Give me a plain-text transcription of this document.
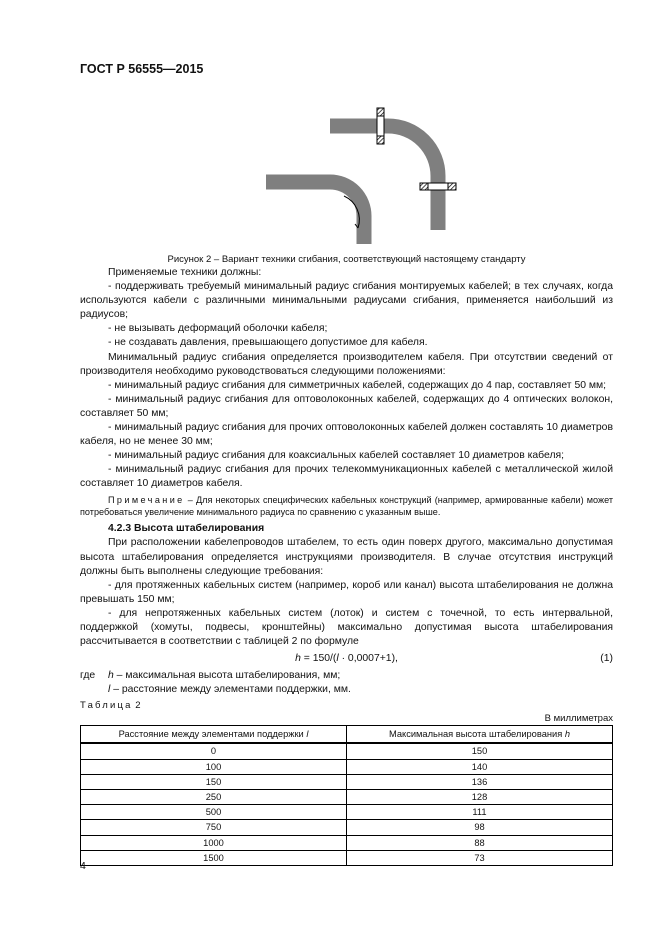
ГОСТ Р 56555—2015
Рисунок 2 – Вариант техники сгибания, соответствующий настоящему стандарту

Применяемые техники должны:

- поддерживать требуемый минимальный радиус сгибания монтируемых кабелей; в тех случаях, когда используются кабели с различными минимальными радиусами сгибания, применяется наибольший из радиусов;

- не вызывать деформаций оболочки кабеля;

- не создавать давления, превышающего допустимое для кабеля.

Минимальный радиус сгибания определяется производителем кабеля. При отсутствии сведений от производителя необходимо руководствоваться следующими положениями:

- минимальный радиус сгибания для симметричных кабелей, содержащих до 4 пар, составляет 50 мм;

- минимальный радиус сгибания для оптоволоконных кабелей, содержащих до 4 оптических волокон, составляет 50 мм;

- минимальный радиус сгибания для прочих оптоволоконных кабелей должен составлять 10 диаметров кабеля, но не менее 30 мм;

- минимальный радиус сгибания для коаксиальных кабелей составляет 10 диаметров кабеля;

- минимальный радиус сгибания для прочих телекоммуникационных кабелей с металлической жилой составляет 10 диаметров кабеля.

Примечание – Для некоторых специфических кабельных конструкций (например, армированные кабели) может потребоваться увеличение минимального радиуса по сравнению с указанным выше.

4.2.3 Высота штабелирования

При расположении кабелепроводов штабелем, то есть один поверх другого, максимально допустимая высота штабелирования определяется инструкциями производителя. В случае отсутствия инструкций должны быть выполнены следующие требования:

- для протяженных кабельных систем (например, короб или канал) высота штабелирования не должна превышать 150 мм;

- для непротяженных кабельных систем (лоток) и систем с точечной, то есть интервальной, поддержкой (хомуты, подвесы, кронштейны) максимально допустимая высота штабелирования рассчитывается в соответствии с таблицей 2 по формуле

h = 150/(l · 0,0007+1),	(1)
где	h – максимальная высота штабелирования, мм;
l – расстояние между элементами поддержки, мм.

Таблица 2

В миллиметрах

Расстояние между элементами поддержки l	Максимальная высота штабелирования h
0	150
100	140
150	136
250	128
500	111
750	98
1000	88
1500	73
4
